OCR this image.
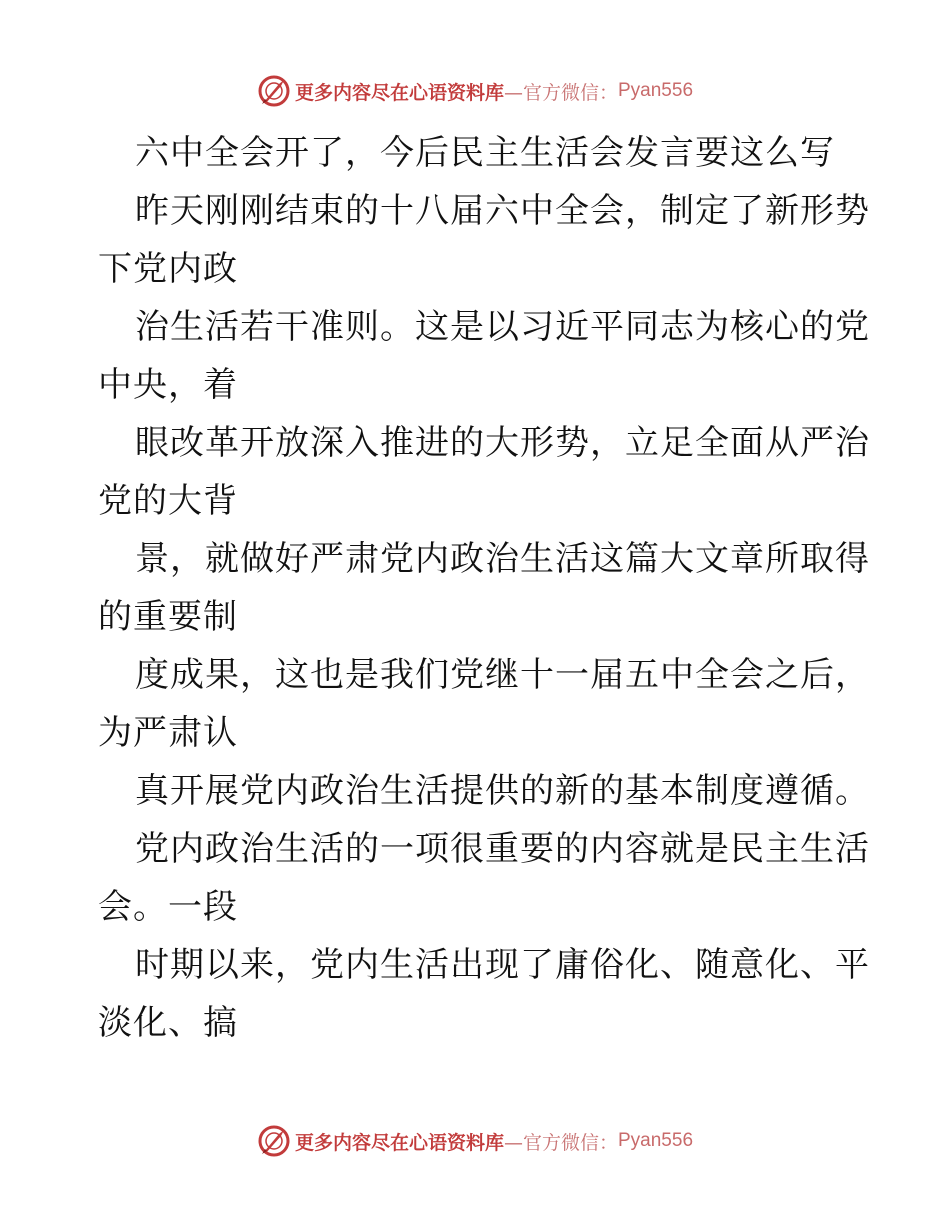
更多内容尽在心语资料库 —官方微信： Pyan556
六中全会开了，今后民主生活会发言要这么写
昨天刚刚结束的十八届六中全会，制定了新形势
下党内政
治生活若干准则。这是以习近平同志为核心的党
中央，着
眼改革开放深入推进的大形势，立足全面从严治
党的大背
景，就做好严肃党内政治生活这篇大文章所取得
的重要制
度成果，这也是我们党继十一届五中全会之后，
为严肃认
真开展党内政治生活提供的新的基本制度遵循。
党内政治生活的一项很重要的内容就是民主生活
会。一段
时期以来，党内生活出现了庸俗化、随意化、平
淡化、搞
更多内容尽在心语资料库 —官方微信： Pyan556
